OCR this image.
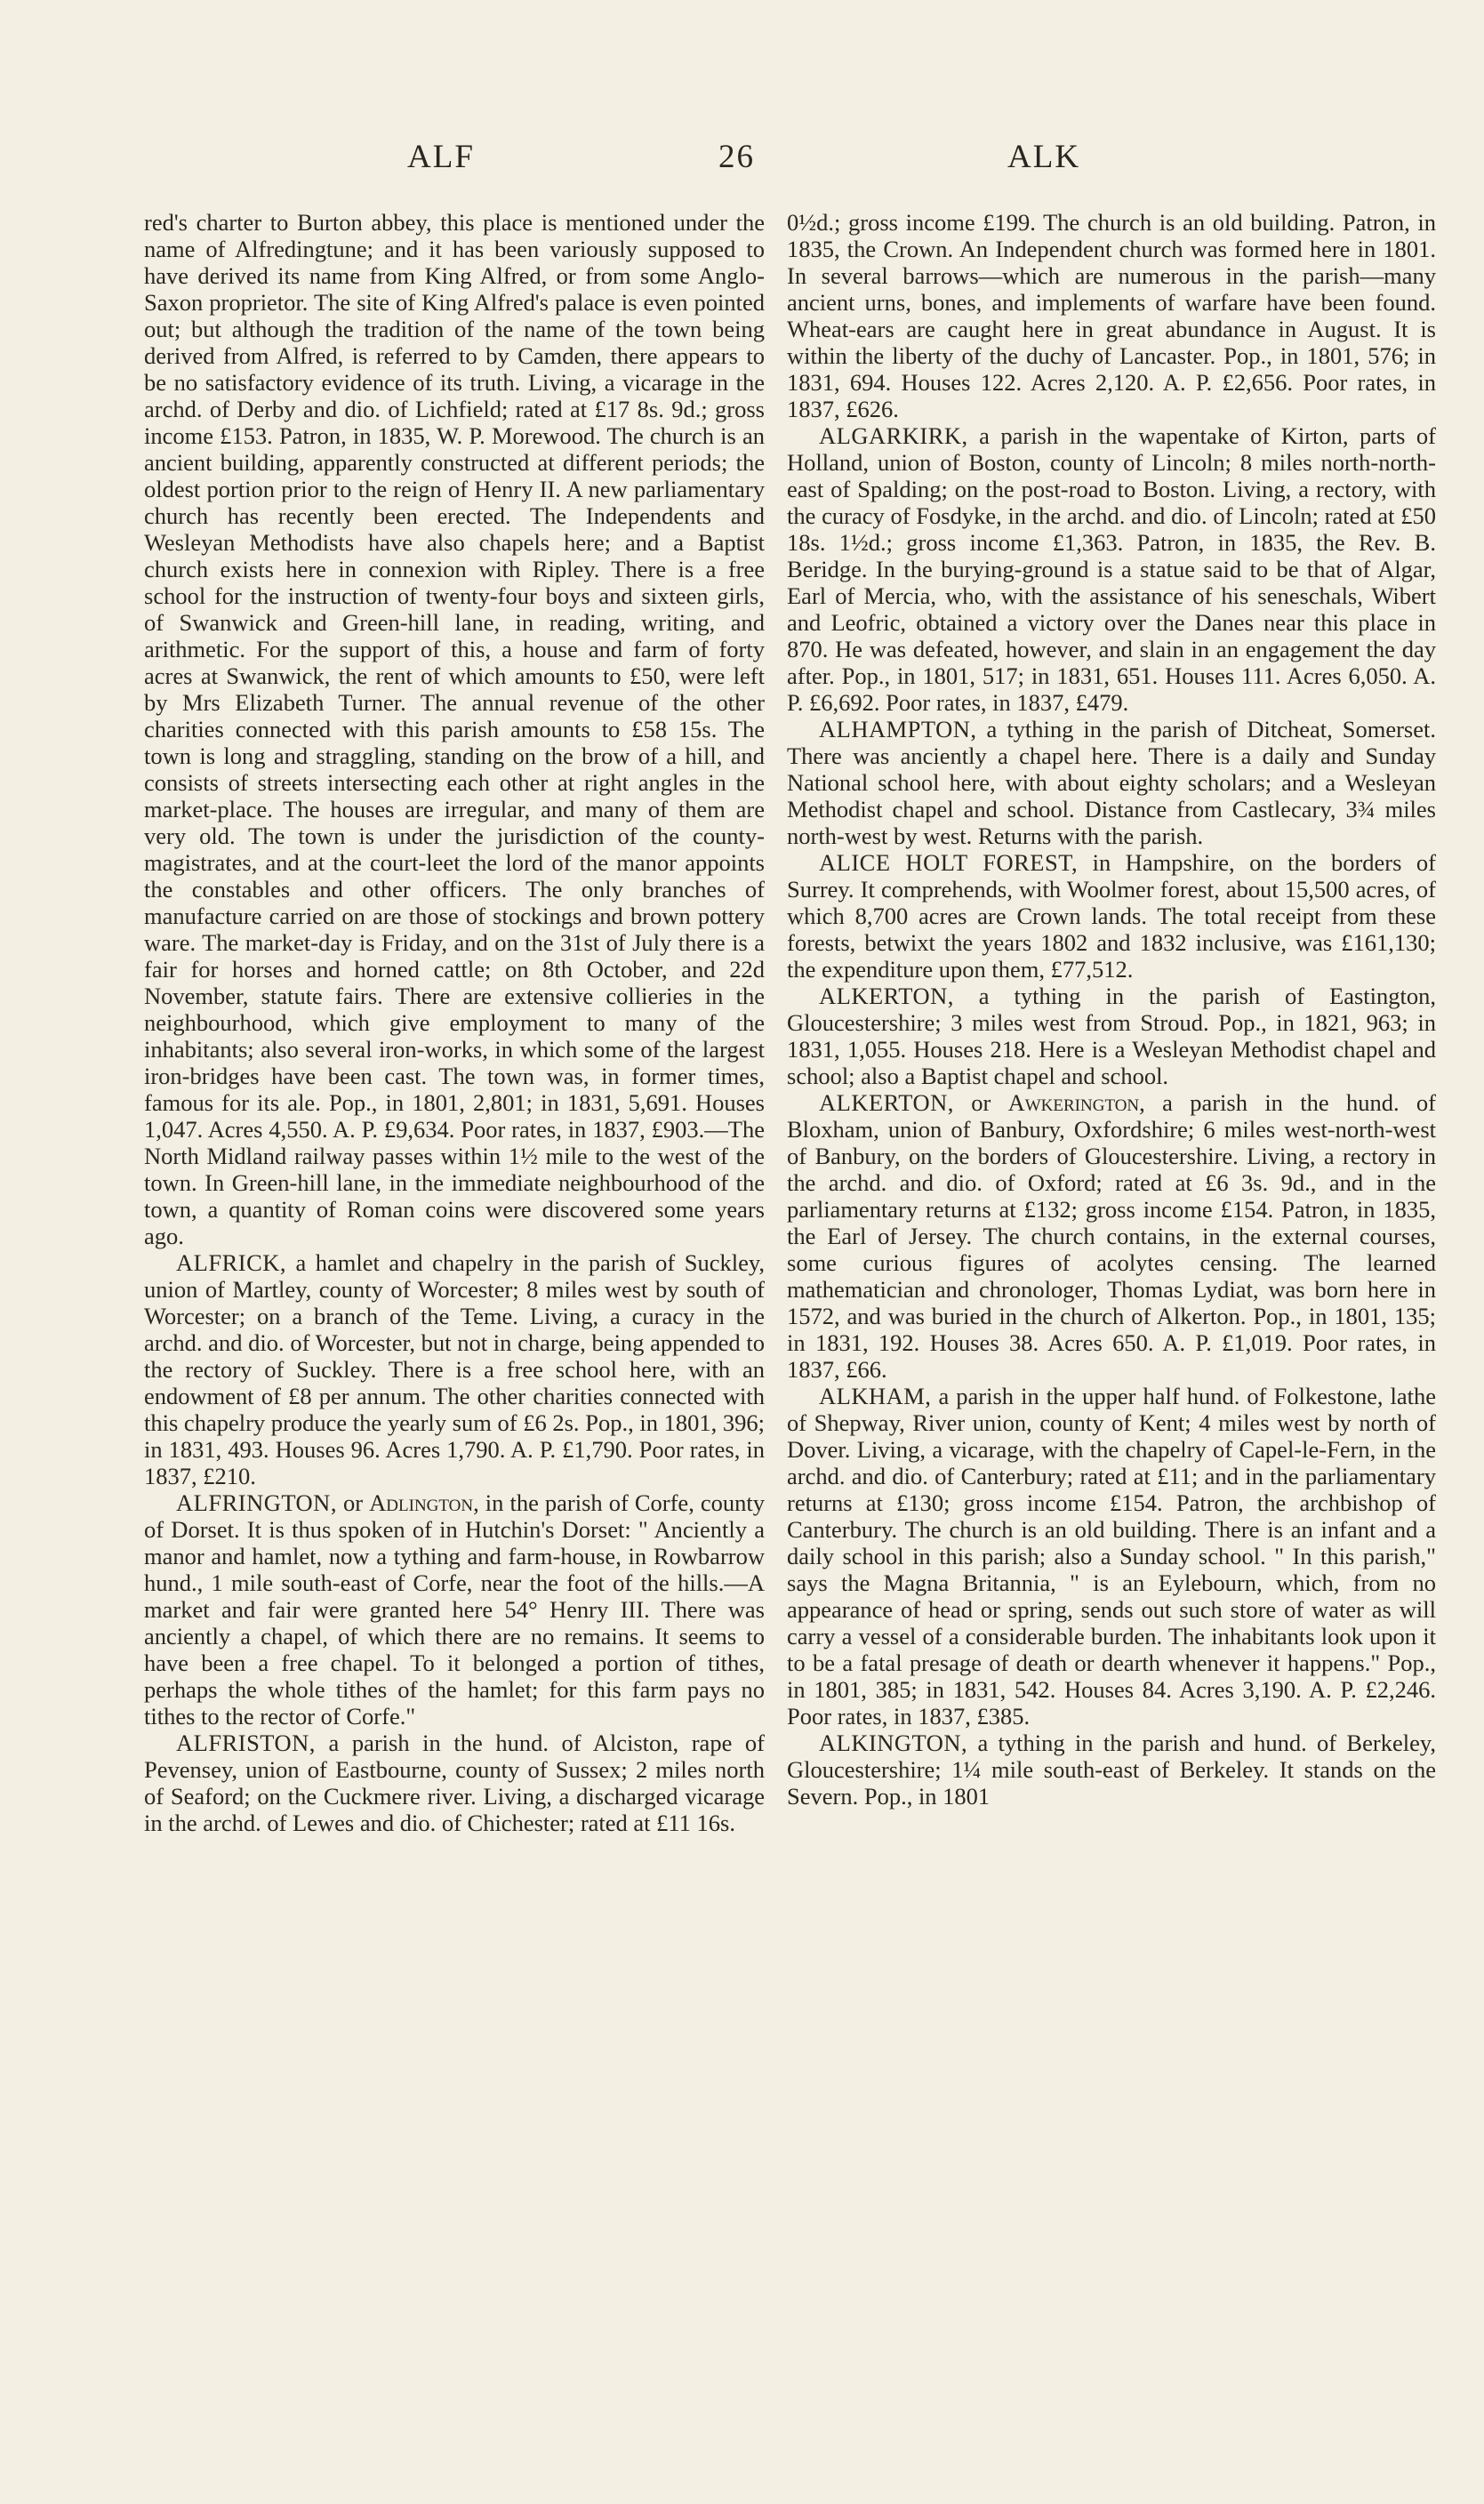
ALF	26	ALK

red's charter to Burton abbey, this place is mentioned under the name of Alfredingtune; and it has been variously supposed to have derived its name from King Alfred, or from some Anglo-Saxon proprietor. The site of King Alfred's palace is even pointed out; but although the tradition of the name of the town being derived from Alfred, is referred to by Camden, there appears to be no satisfactory evidence of its truth. Living, a vicarage in the archd. of Derby and dio. of Lichfield; rated at £17 8s. 9d.; gross income £153. Patron, in 1835, W. P. Morewood. The church is an ancient building, apparently constructed at different periods; the oldest portion prior to the reign of Henry II. A new parliamentary church has recently been erected. The Independents and Wesleyan Methodists have also chapels here; and a Baptist church exists here in connexion with Ripley. There is a free school for the instruction of twenty-four boys and sixteen girls, of Swanwick and Green-hill lane, in reading, writing, and arithmetic. For the support of this, a house and farm of forty acres at Swanwick, the rent of which amounts to £50, were left by Mrs Elizabeth Turner. The annual revenue of the other charities connected with this parish amounts to £58 15s. The town is long and straggling, standing on the brow of a hill, and consists of streets intersecting each other at right angles in the market-place. The houses are irregular, and many of them are very old. The town is under the jurisdiction of the county-magistrates, and at the court-leet the lord of the manor appoints the constables and other officers. The only branches of manufacture carried on are those of stockings and brown pottery ware. The market-day is Friday, and on the 31st of July there is a fair for horses and horned cattle; on 8th October, and 22d November, statute fairs. There are extensive collieries in the neighbourhood, which give employment to many of the inhabitants; also several iron-works, in which some of the largest iron-bridges have been cast. The town was, in former times, famous for its ale. Pop., in 1801, 2,801; in 1831, 5,691. Houses 1,047. Acres 4,550. A. P. £9,634. Poor rates, in 1837, £903.—The North Midland railway passes within 1½ mile to the west of the town. In Green-hill lane, in the immediate neighbourhood of the town, a quantity of Roman coins were discovered some years ago.

ALFRICK, a hamlet and chapelry in the parish of Suckley, union of Martley, county of Worcester; 8 miles west by south of Worcester; on a branch of the Teme. Living, a curacy in the archd. and dio. of Worcester, but not in charge, being appended to the rectory of Suckley. There is a free school here, with an endowment of £8 per annum. The other charities connected with this chapelry produce the yearly sum of £6 2s. Pop., in 1801, 396; in 1831, 493. Houses 96. Acres 1,790. A. P. £1,790. Poor rates, in 1837, £210.

ALFRINGTON, or Adlington, in the parish of Corfe, county of Dorset. It is thus spoken of in Hutchin's Dorset: " Anciently a manor and hamlet, now a tything and farm-house, in Rowbarrow hund., 1 mile south-east of Corfe, near the foot of the hills.—A market and fair were granted here 54° Henry III. There was anciently a chapel, of which there are no remains. It seems to have been a free chapel. To it belonged a portion of tithes, perhaps the whole tithes of the hamlet; for this farm pays no tithes to the rector of Corfe."

ALFRISTON, a parish in the hund. of Alciston, rape of Pevensey, union of Eastbourne, county of Sussex; 2 miles north of Seaford; on the Cuckmere river. Living, a discharged vicarage in the archd. of Lewes and dio. of Chichester; rated at £11 16s.

0½d.; gross income £199. The church is an old building. Patron, in 1835, the Crown. An Independent church was formed here in 1801. In several barrows—which are numerous in the parish—many ancient urns, bones, and implements of warfare have been found. Wheat-ears are caught here in great abundance in August. It is within the liberty of the duchy of Lancaster. Pop., in 1801, 576; in 1831, 694. Houses 122. Acres 2,120. A. P. £2,656. Poor rates, in 1837, £626.

ALGARKIRK, a parish in the wapentake of Kirton, parts of Holland, union of Boston, county of Lincoln; 8 miles north-north-east of Spalding; on the post-road to Boston. Living, a rectory, with the curacy of Fosdyke, in the archd. and dio. of Lincoln; rated at £50 18s. 1½d.; gross income £1,363. Patron, in 1835, the Rev. B. Beridge. In the burying-ground is a statue said to be that of Algar, Earl of Mercia, who, with the assistance of his seneschals, Wibert and Leofric, obtained a victory over the Danes near this place in 870. He was defeated, however, and slain in an engagement the day after. Pop., in 1801, 517; in 1831, 651. Houses 111. Acres 6,050. A. P. £6,692. Poor rates, in 1837, £479.

ALHAMPTON, a tything in the parish of Ditcheat, Somerset. There was anciently a chapel here. There is a daily and Sunday National school here, with about eighty scholars; and a Wesleyan Methodist chapel and school. Distance from Castlecary, 3¾ miles north-west by west. Returns with the parish.

ALICE HOLT FOREST, in Hampshire, on the borders of Surrey. It comprehends, with Woolmer forest, about 15,500 acres, of which 8,700 acres are Crown lands. The total receipt from these forests, betwixt the years 1802 and 1832 inclusive, was £161,130; the expenditure upon them, £77,512.

ALKERTON, a tything in the parish of Eastington, Gloucestershire; 3 miles west from Stroud. Pop., in 1821, 963; in 1831, 1,055. Houses 218. Here is a Wesleyan Methodist chapel and school; also a Baptist chapel and school.

ALKERTON, or Awkerington, a parish in the hund. of Bloxham, union of Banbury, Oxfordshire; 6 miles west-north-west of Banbury, on the borders of Gloucestershire. Living, a rectory in the archd. and dio. of Oxford; rated at £6 3s. 9d., and in the parliamentary returns at £132; gross income £154. Patron, in 1835, the Earl of Jersey. The church contains, in the external courses, some curious figures of acolytes censing. The learned mathematician and chronologer, Thomas Lydiat, was born here in 1572, and was buried in the church of Alkerton. Pop., in 1801, 135; in 1831, 192. Houses 38. Acres 650. A. P. £1,019. Poor rates, in 1837, £66.

ALKHAM, a parish in the upper half hund. of Folkestone, lathe of Shepway, River union, county of Kent; 4 miles west by north of Dover. Living, a vicarage, with the chapelry of Capel-le-Fern, in the archd. and dio. of Canterbury; rated at £11; and in the parliamentary returns at £130; gross income £154. Patron, the archbishop of Canterbury. The church is an old building. There is an infant and a daily school in this parish; also a Sunday school. " In this parish," says the Magna Britannia, " is an Eylebourn, which, from no appearance of head or spring, sends out such store of water as will carry a vessel of a considerable burden. The inhabitants look upon it to be a fatal presage of death or dearth whenever it happens." Pop., in 1801, 385; in 1831, 542. Houses 84. Acres 3,190. A. P. £2,246. Poor rates, in 1837, £385.

ALKINGTON, a tything in the parish and hund. of Berkeley, Gloucestershire; 1¼ mile south-east of Berkeley. It stands on the Severn. Pop., in 1801
